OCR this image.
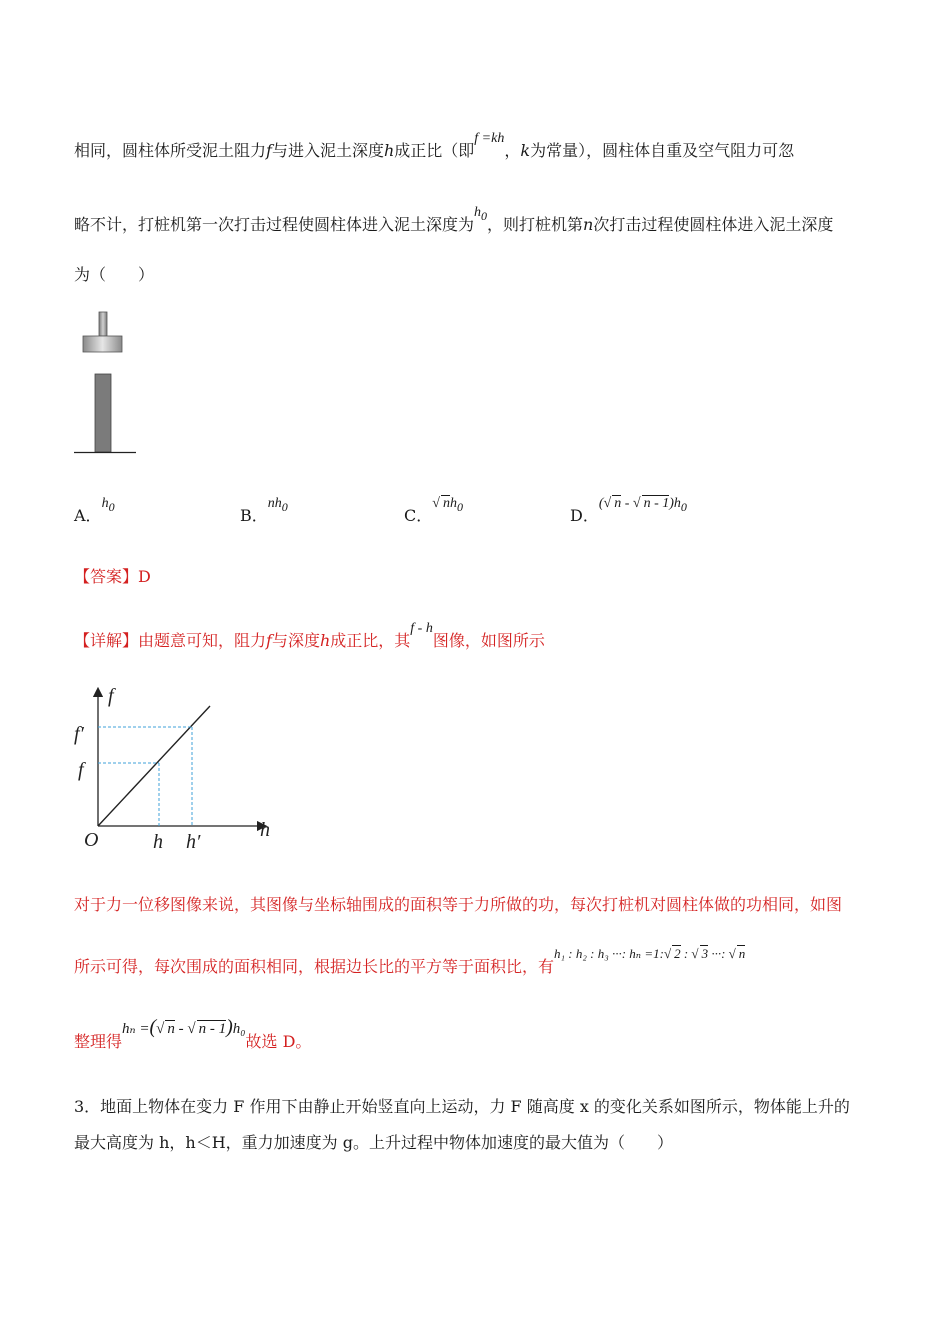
相同，圆柱体所受泥土阻力f与进入泥土深度h成正比（即f =kh，k为常量），圆柱体自重及空气阻力可忽
略不计，打桩机第一次打击过程使圆柱体进入泥土深度为$h_0$，则打桩机第n次打击过程使圆柱体进入泥土深度
为（　　）
A．$h_0$	B．$nh_0$	C．√ $nh_0$	D．(√ n - √ n - $1)h_0$
【答案】D
【详解】由题意可知，阻力f与深度h成正比，其f - h图像，如图所示
f
f′
f
O	h h′
h
对于力一位移图像来说，其图像与坐标轴围成的面积等于力所做的功，每次打桩机对圆柱体做的功相同，如图
所示可得，每次围成的面积相同，根据边长比的平方等于面积比，有$^{h_1 : h_2 : h_3 \cdot\cdot\cdot: h_n =1:√ 2 : √ 3 \cdot\cdot\cdot: √ n}$
整理得hₙ =(√ n - √ n - 1)h₀故选 D。
3．地面上物体在变力 F 作用下由静止开始竖直向上运动，力 F 随高度 x 的变化关系如图所示，物体能上升的
最大高度为 h，h＜H，重力加速度为 g。上升过程中物体加速度的最大值为（　　）
